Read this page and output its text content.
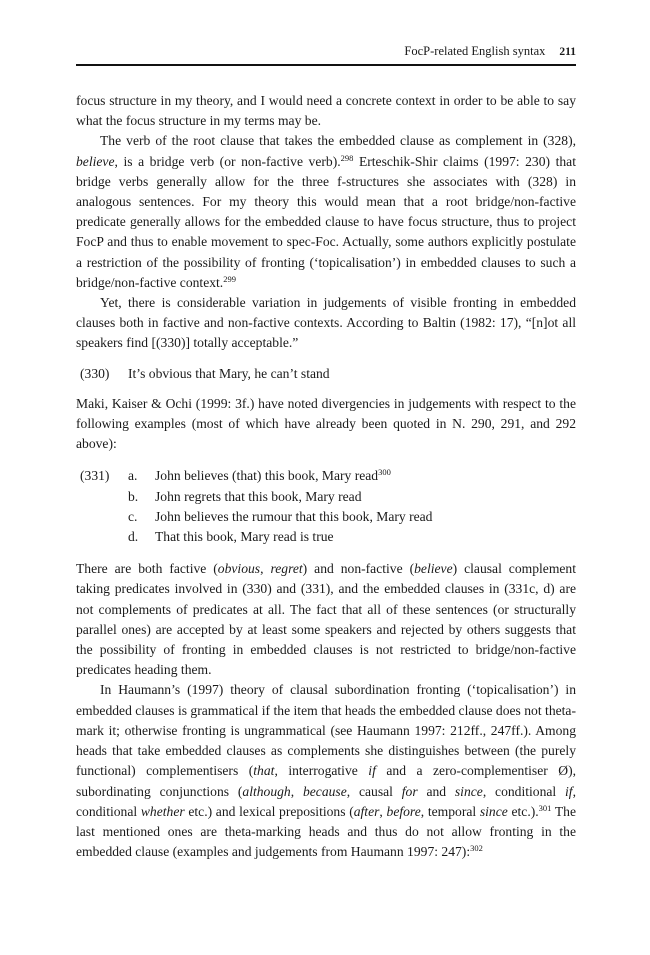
FocP-related English syntax 211

focus structure in my theory, and I would need a concrete context in order to be able to say what the focus structure in my terms may be.

The verb of the root clause that takes the embedded clause as complement in (328), believe, is a bridge verb (or non-factive verb).$^{298}$ Erteschik-Shir claims (1997: 230) that bridge verbs generally allow for the three f-structures she associates with (328) in analogous sentences. For my theory this would mean that a root bridge/non-factive predicate generally allows for the embedded clause to have focus structure, thus to project FocP and thus to enable movement to spec-Foc. Actually, some authors explicitly postulate a restriction of the possibility of fronting (‘topicalisation’) in embedded clauses to such a bridge/non-factive context.$^{299}$

Yet, there is considerable variation in judgements of visible fronting in embedded clauses both in factive and non-factive contexts. According to Baltin (1982: 17), “[n]ot all speakers find [(330)] totally acceptable.”

(330)	It’s obvious that Mary, he can’t stand

Maki, Kaiser & Ochi (1999: 3f.) have noted divergencies in judgements with respect to the following examples (most of which have already been quoted in N. 290, 291, and 292 above):

(331)	a.	John believes (that) this book, Mary read$^{300}$
b.	John regrets that this book, Mary read
c.	John believes the rumour that this book, Mary read
d.	That this book, Mary read is true

There are both factive (obvious, regret) and non-factive (believe) clausal complement taking predicates involved in (330) and (331), and the embedded clauses in (331c, d) are not complements of predicates at all. The fact that all of these sentences (or structurally parallel ones) are accepted by at least some speakers and rejected by others suggests that the possibility of fronting in embedded clauses is not restricted to bridge/non-factive predicates heading them.

In Haumann’s (1997) theory of clausal subordination fronting (‘topicalisation’) in embedded clauses is grammatical if the item that heads the embedded clause does not theta-mark it; otherwise fronting is ungrammatical (see Haumann 1997: 212ff., 247ff.). Among heads that take embedded clauses as complements she distinguishes between (the purely functional) complementisers (that, interrogative if and a zero-complementiser Ø), subordinating conjunctions (although, because, causal for and since, conditional if, conditional whether etc.) and lexical prepositions (after, before, temporal since etc.).$^{301}$ The last mentioned ones are theta-marking heads and thus do not allow fronting in the embedded clause (examples and judgements from Haumann 1997: 247):$^{302}$
